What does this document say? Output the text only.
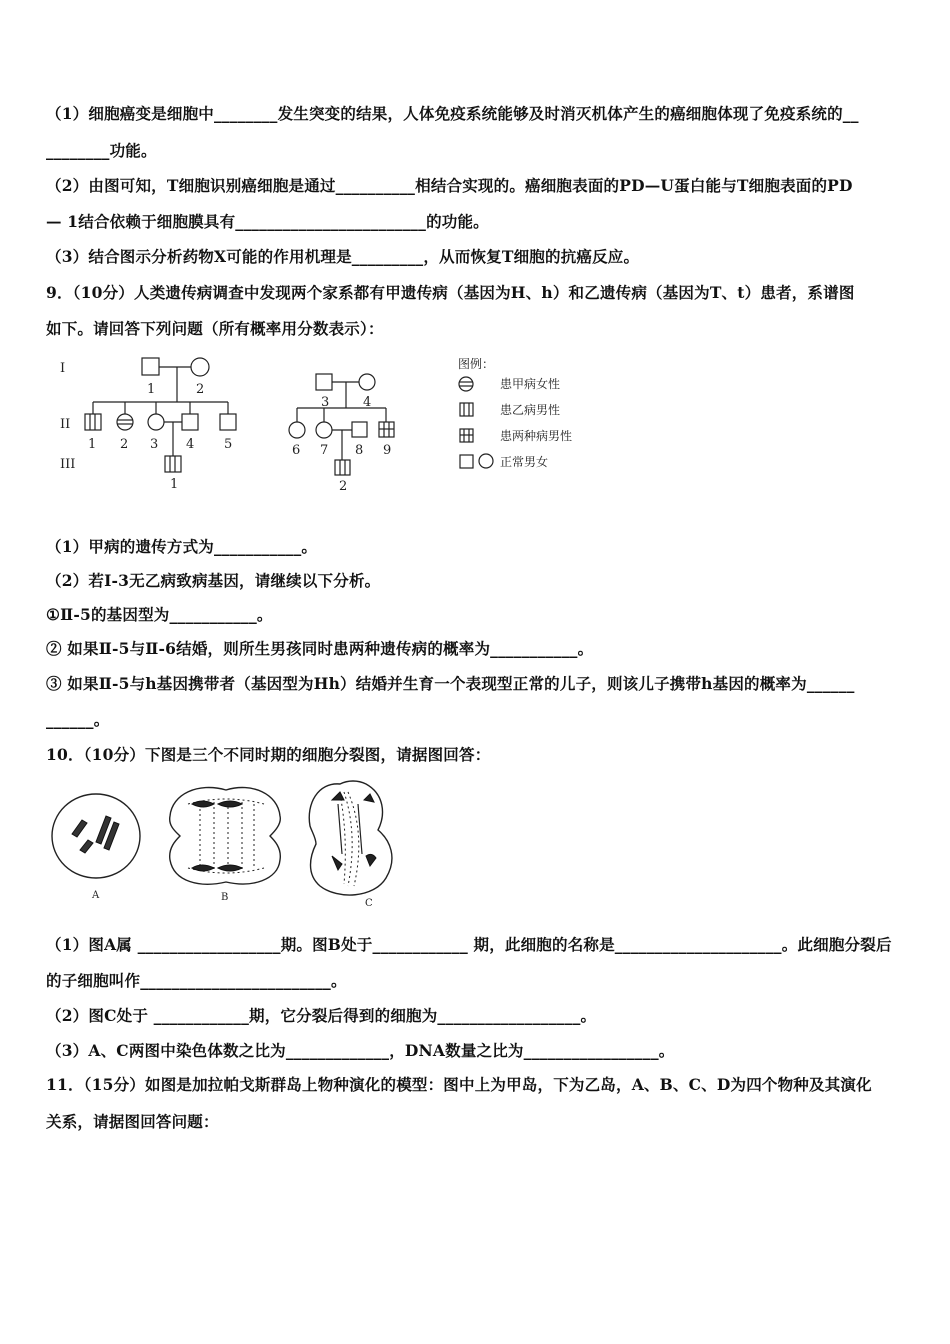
（1）细胞癌变是细胞中________发生突变的结果，人体免疫系统能够及时消灭机体产生的癌细胞体现了免疫系统的__
________功能。
（2）由图可知，T细胞识别癌细胞是通过__________相结合实现的。癌细胞表面的PD—U蛋白能与T细胞表面的PD
— 1结合依赖于细胞膜具有________________________的功能。
（3）结合图示分析药物X可能的作用机理是_________，从而恢复T细胞的抗癌反应。
9．（10分）人类遗传病调查中发现两个家系都有甲遗传病（基因为H、h）和乙遗传病（基因为T、t）患者，系谱图
如下。请回答下列问题（所有概率用分数表示）：
I
II
III
1	2
1 2 3 4 5
1
3	4
6 7 8 9
2
图例：
患甲病女性
患乙病男性
患两种病男性
正常男女
（1）甲病的遗传方式为___________。
（2）若I-3无乙病致病基因，请继续以下分析。
①Ⅱ-5的基因型为___________。
② 如果Ⅱ-5与Ⅱ-6结婚，则所生男孩同时患两种遗传病的概率为___________。
③ 如果Ⅱ-5与h基因携带者（基因型为Hh）结婚并生育一个表现型正常的儿子，则该儿子携带h基因的概率为______
______。
10．（10分）下图是三个不同时期的细胞分裂图，请据图回答：
A	B
C
（1）图A属 __________________期。图B处于____________ 期，此细胞的名称是_____________________。此细胞分裂后
的子细胞叫作________________________。
（2）图C处于 ____________期，它分裂后得到的细胞为__________________。
（3）A、C两图中染色体数之比为_____________，DNA数量之比为_________________。
11．（15分）如图是加拉帕戈斯群岛上物种演化的模型：图中上为甲岛，下为乙岛，A、B、C、D为四个物种及其演化
关系，请据图回答问题：
